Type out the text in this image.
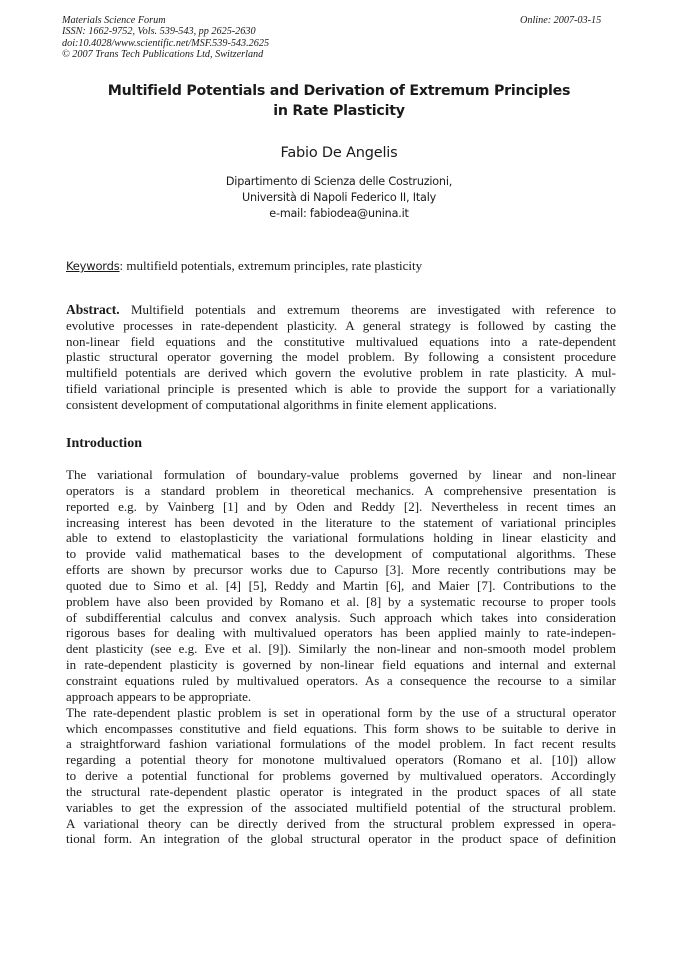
Materials Science Forum
ISSN: 1662-9752, Vols. 539-543, pp 2625-2630
doi:10.4028/www.scientific.net/MSF.539-543.2625
© 2007 Trans Tech Publications Ltd, Switzerland
Online: 2007-03-15
Multifield Potentials and Derivation of Extremum Principles
in Rate Plasticity
Fabio De Angelis
Dipartimento di Scienza delle Costruzioni,
Università di Napoli Federico II, Italy
e-mail: fabiodea@unina.it
Keywords: multifield potentials, extremum principles, rate plasticity
Abstract. Multifield potentials and extremum theorems are investigated with reference to
evolutive processes in rate-dependent plasticity. A general strategy is followed by casting the
non-linear field equations and the constitutive multivalued equations into a rate-dependent
plastic structural operator governing the model problem. By following a consistent procedure
multifield potentials are derived which govern the evolutive problem in rate plasticity. A mul-
tifield variational principle is presented which is able to provide the support for a variationally
consistent development of computational algorithms in finite element applications.
Introduction
The variational formulation of boundary-value problems governed by linear and non-linear
operators is a standard problem in theoretical mechanics. A comprehensive presentation is
reported e.g. by Vainberg [1] and by Oden and Reddy [2]. Nevertheless in recent times an
increasing interest has been devoted in the literature to the statement of variational principles
able to extend to elastoplasticity the variational formulations holding in linear elasticity and
to provide valid mathematical bases to the development of computational algorithms. These
efforts are shown by precursor works due to Capurso [3]. More recently contributions may be
quoted due to Simo et al. [4] [5], Reddy and Martin [6], and Maier [7]. Contributions to the
problem have also been provided by Romano et al. [8] by a systematic recourse to proper tools
of subdifferential calculus and convex analysis. Such approach which takes into consideration
rigorous bases for dealing with multivalued operators has been applied mainly to rate-indepen-
dent plasticity (see e.g. Eve et al. [9]). Similarly the non-linear and non-smooth model problem
in rate-dependent plasticity is governed by non-linear field equations and internal and external
constraint equations ruled by multivalued operators. As a consequence the recourse to a similar
approach appears to be appropriate.
The rate-dependent plastic problem is set in operational form by the use of a structural operator
which encompasses constitutive and field equations. This form shows to be suitable to derive in
a straightforward fashion variational formulations of the model problem. In fact recent results
regarding a potential theory for monotone multivalued operators (Romano et al. [10]) allow
to derive a potential functional for problems governed by multivalued operators. Accordingly
the structural rate-dependent plastic operator is integrated in the product spaces of all state
variables to get the expression of the associated multifield potential of the structural problem.
A variational theory can be directly derived from the structural problem expressed in opera-
tional form. An integration of the global structural operator in the product space of definition
